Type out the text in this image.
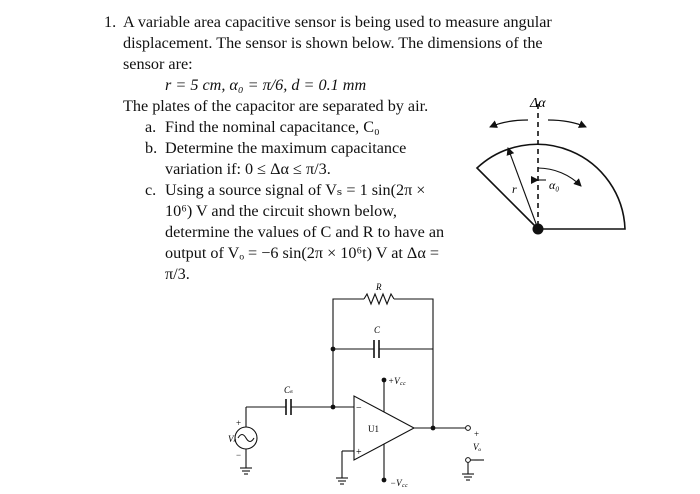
1. A variable area capacitive sensor is being used to measure angular
displacement. The sensor is shown below. The dimensions of the
sensor are:
r = 5 cm, α₀ = π/6, d = 0.1 mm
The plates of the capacitor are separated by air.
a. Find the nominal capacitance, C₀
b. Determine the maximum capacitance
variation if: 0 ≤ Δα ≤ π/3.
c. Using a source signal of Vₛ = 1 sin(2π ×
10⁶) V and the circuit shown below,
determine the values of C and R to have an
output of Vₒ = −6 sin(2π × 10⁶t) V at Δα =
π/3.
Δα
r	α₀
R
C
Cₛ
Vₛ
+
−
U1
−
+
+V꜀꜀
−V꜀꜀
+
Vₒ
−
